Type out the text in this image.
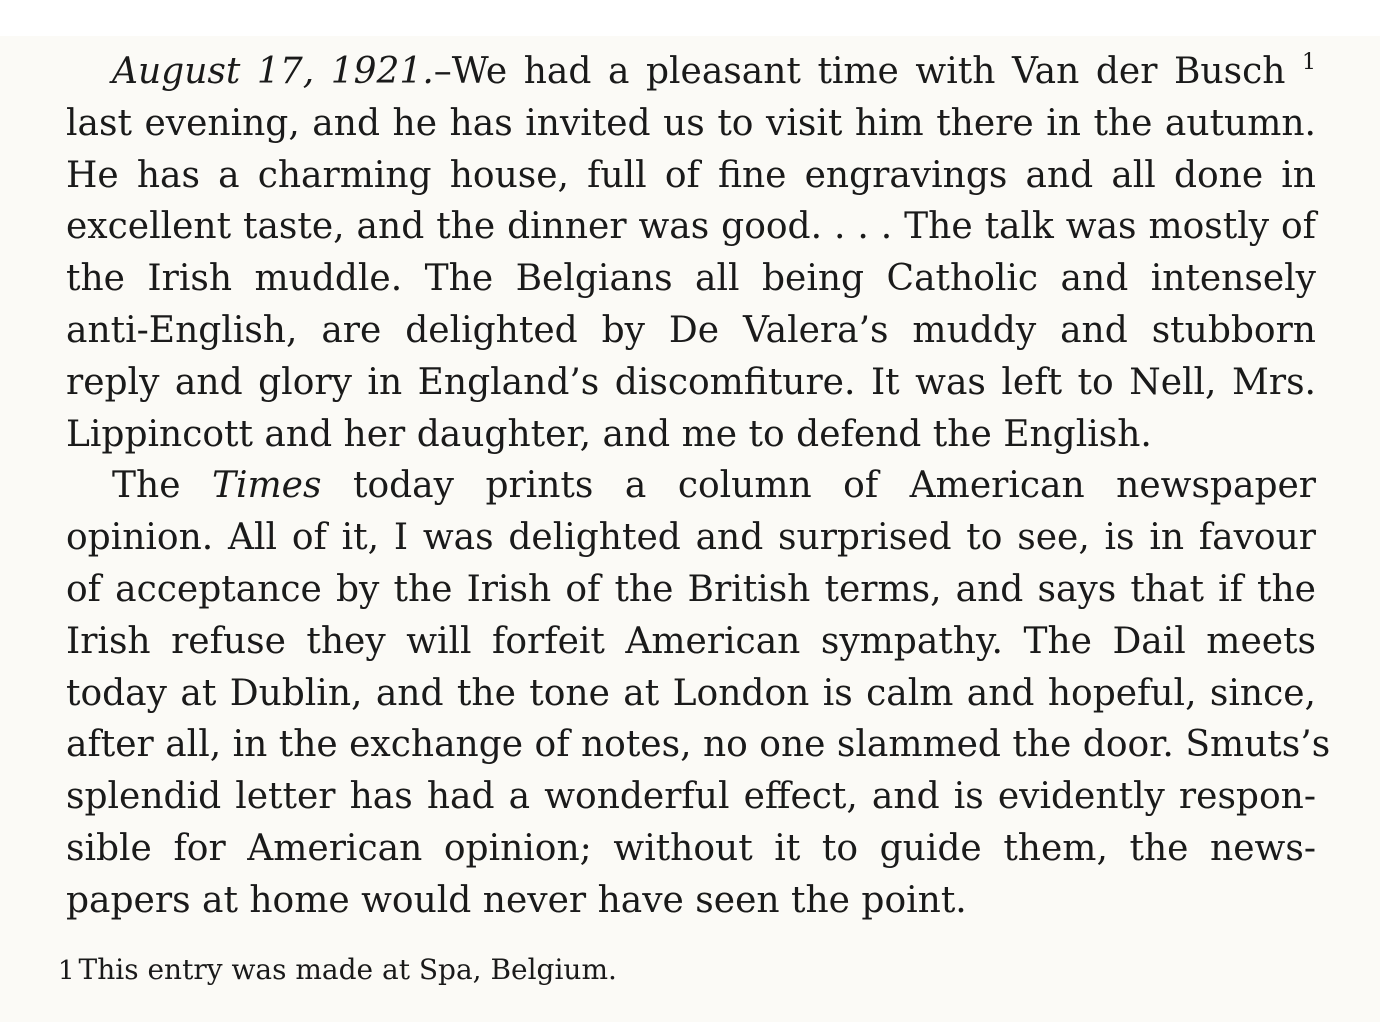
August 17, 1921.–We had a pleasant time with Van der Busch $^1$
last evening, and he has invited us to visit him there in the autumn.
He has a charming house, full of fine engravings and all done in
excellent taste, and the dinner was good. . . . The talk was mostly of
the Irish muddle. The Belgians all being Catholic and intensely
anti-English, are delighted by De Valera’s muddy and stubborn
reply and glory in England’s discomfiture. It was left to Nell, Mrs.
Lippincott and her daughter, and me to defend the English.
The Times today prints a column of American newspaper
opinion. All of it, I was delighted and surprised to see, is in favour
of acceptance by the Irish of the British terms, and says that if the
Irish refuse they will forfeit American sympathy. The Dail meets
today at Dublin, and the tone at London is calm and hopeful, since,
after all, in the exchange of notes, no one slammed the door. Smuts’s
splendid letter has had a wonderful effect, and is evidently respon-
sible for American opinion; without it to guide them, the news-
papers at home would never have seen the point.
1 This entry was made at Spa, Belgium.
